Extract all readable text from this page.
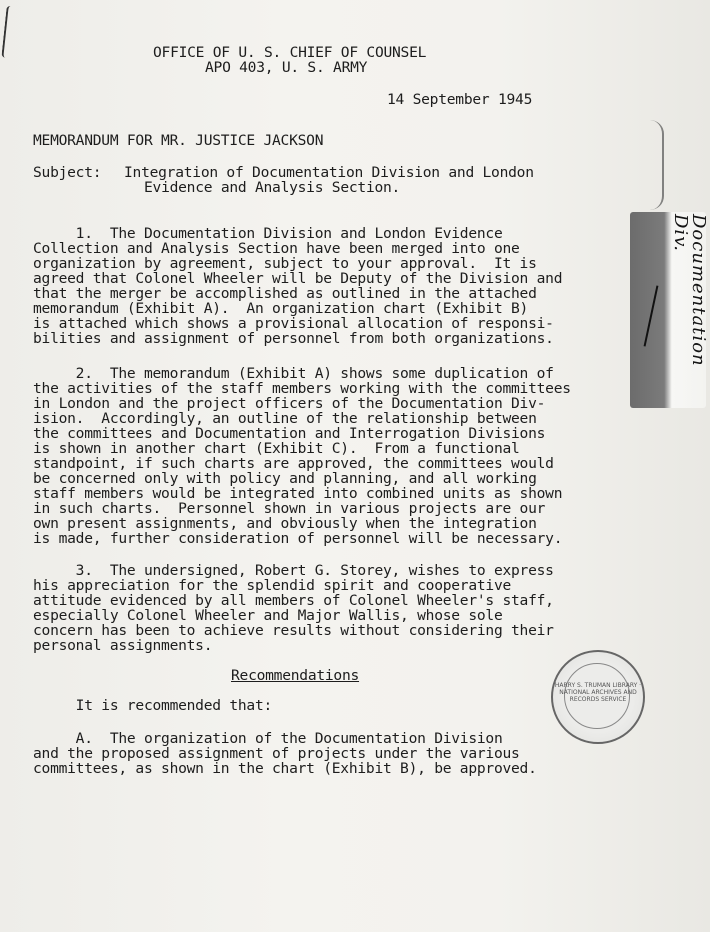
OFFICE OF U. S. CHIEF OF COUNSEL
APO 403, U. S. ARMY
14 September 1945
MEMORANDUM FOR MR. JUSTICE JACKSON
Subject: Integration of Documentation Division and London
Evidence and Analysis Section.
1.  The Documentation Division and London Evidence
Collection and Analysis Section have been merged into one
organization by agreement, subject to your approval.  It is
agreed that Colonel Wheeler will be Deputy of the Division and
that the merger be accomplished as outlined in the attached
memorandum (Exhibit A).  An organization chart (Exhibit B)
is attached which shows a provisional allocation of responsi-
bilities and assignment of personnel from both organizations.
2.  The memorandum (Exhibit A) shows some duplication of
the activities of the staff members working with the committees
in London and the project officers of the Documentation Div-
ision.  Accordingly, an outline of the relationship between
the committees and Documentation and Interrogation Divisions
is shown in another chart (Exhibit C).  From a functional
standpoint, if such charts are approved, the committees would
be concerned only with policy and planning, and all working
staff members would be integrated into combined units as shown
in such charts.  Personnel shown in various projects are our
own present assignments, and obviously when the integration
is made, further consideration of personnel will be necessary.
3.  The undersigned, Robert G. Storey, wishes to express
his appreciation for the splendid spirit and cooperative
attitude evidenced by all members of Colonel Wheeler's staff,
especially Colonel Wheeler and Major Wallis, whose sole
concern has been to achieve results without considering their
personal assignments.
Recommendations
It is recommended that:
A.  The organization of the Documentation Division
and the proposed assignment of projects under the various
committees, as shown in the chart (Exhibit B), be approved.
Documentation Div.
HARRY S. TRUMAN LIBRARY · NATIONAL ARCHIVES AND RECORDS SERVICE
